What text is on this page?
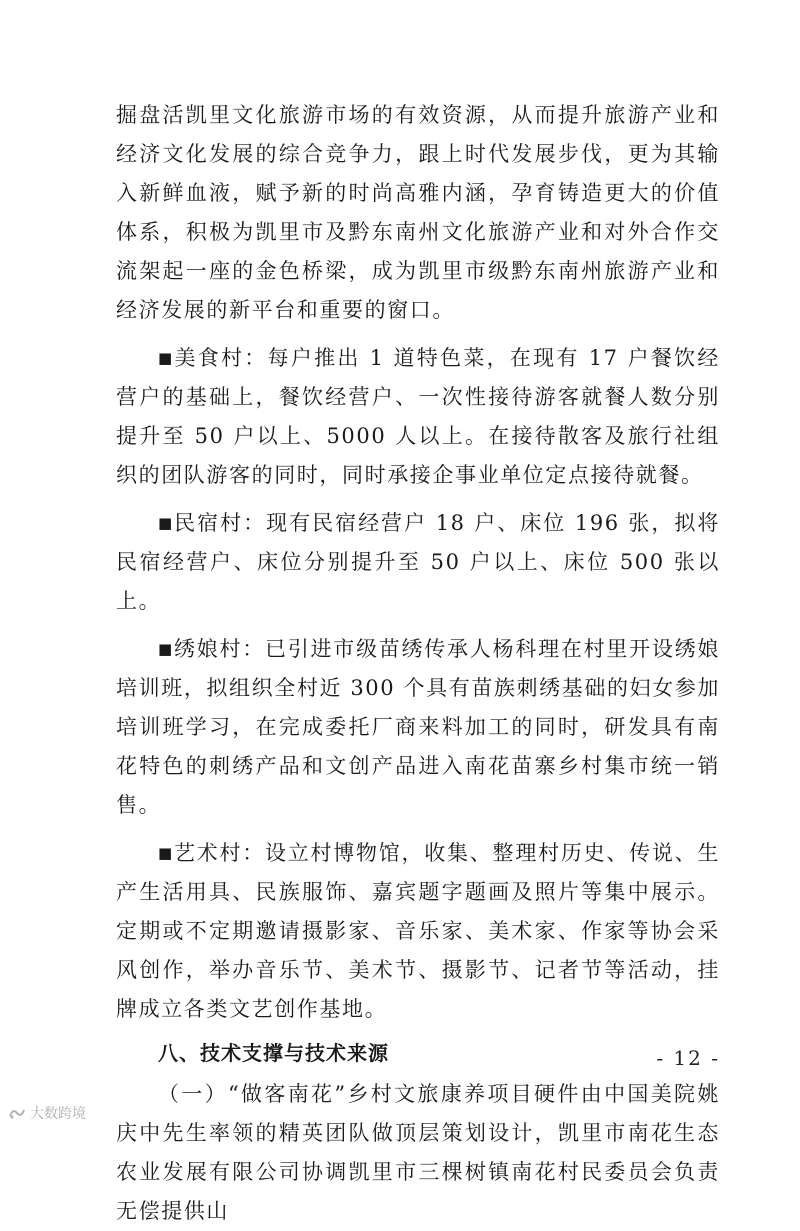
掘盘活凯里文化旅游市场的有效资源，从而提升旅游产业和经济文化发展的综合竞争力，跟上时代发展步伐，更为其输入新鲜血液，赋予新的时尚高雅内涵，孕育铸造更大的价值体系，积极为凯里市及黔东南州文化旅游产业和对外合作交流架起一座的金色桥梁，成为凯里市级黔东南州旅游产业和经济发展的新平台和重要的窗口。

■美食村：每户推出 1 道特色菜，在现有 17 户餐饮经营户的基础上，餐饮经营户、一次性接待游客就餐人数分别提升至 50 户以上、5000 人以上。在接待散客及旅行社组织的团队游客的同时，同时承接企事业单位定点接待就餐。

■民宿村：现有民宿经营户 18 户、床位 196 张，拟将民宿经营户、床位分别提升至 50 户以上、床位 500 张以上。

■绣娘村：已引进市级苗绣传承人杨科理在村里开设绣娘培训班，拟组织全村近 300 个具有苗族刺绣基础的妇女参加培训班学习，在完成委托厂商来料加工的同时，研发具有南花特色的刺绣产品和文创产品进入南花苗寨乡村集市统一销售。

■艺术村：设立村博物馆，收集、整理村历史、传说、生产生活用具、民族服饰、嘉宾题字题画及照片等集中展示。定期或不定期邀请摄影家、音乐家、美术家、作家等协会采风创作，举办音乐节、美术节、摄影节、记者节等活动，挂牌成立各类文艺创作基地。

八、技术支撑与技术来源

（一）“做客南花”乡村文旅康养项目硬件由中国美院姚庆中先生率领的精英团队做顶层策划设计，凯里市南花生态农业发展有限公司协调凯里市三棵树镇南花村民委员会负责无偿提供山

- 12 -
大数跨境
